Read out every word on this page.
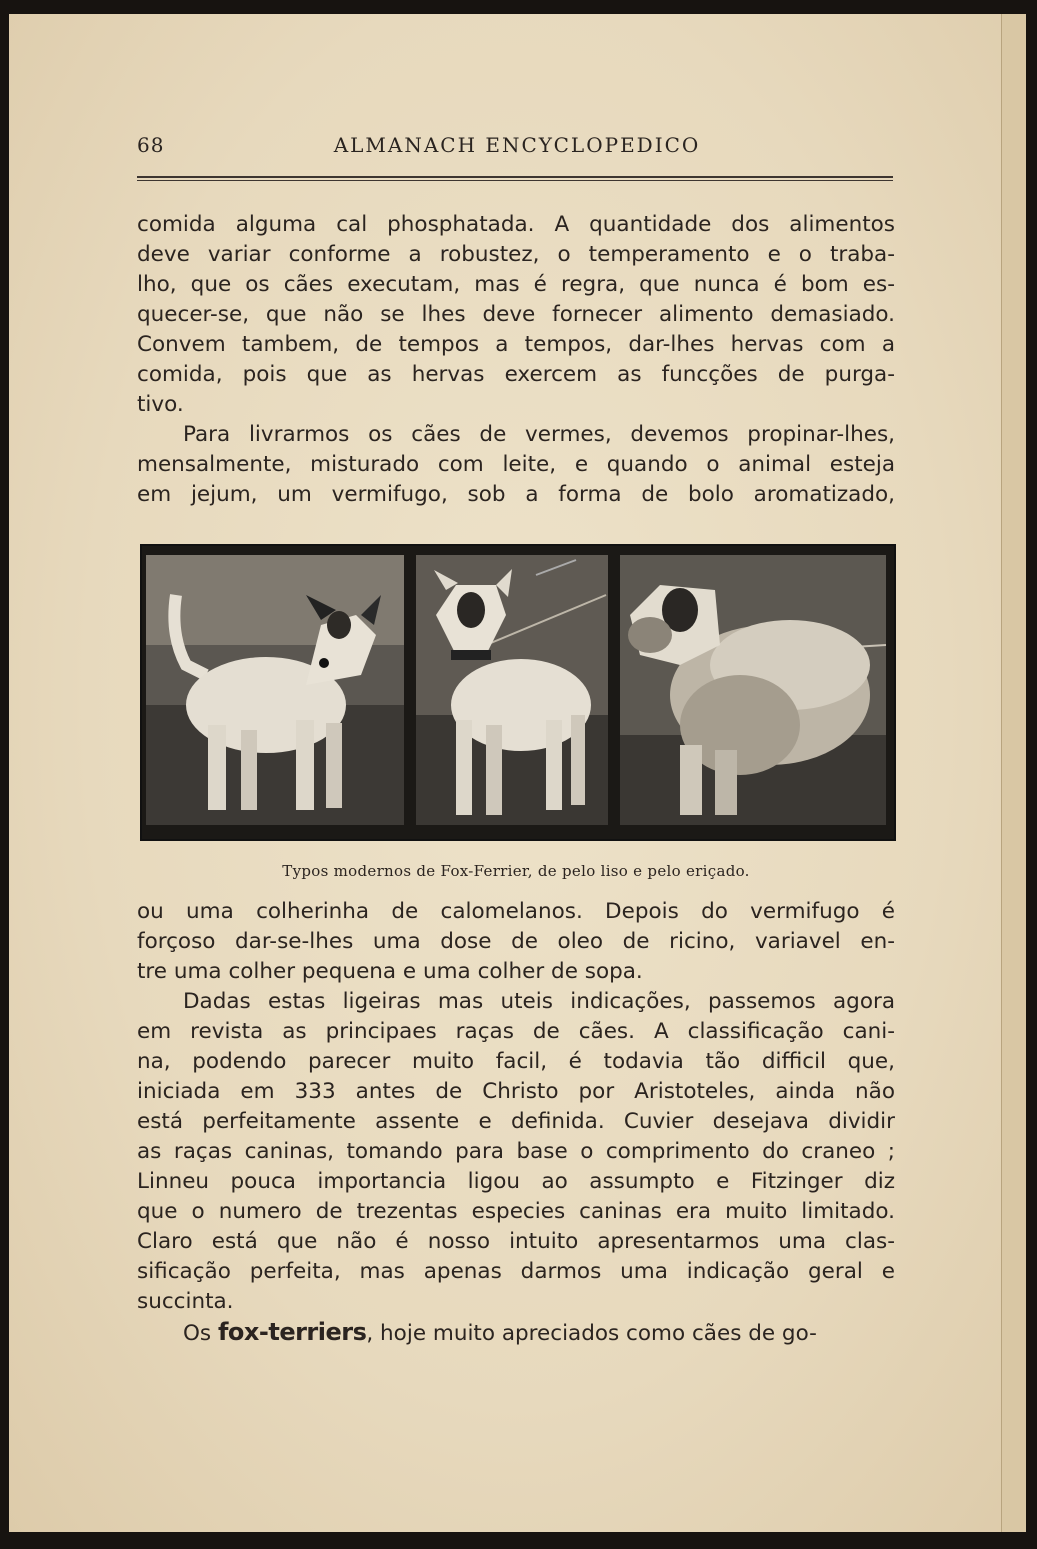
68	ALMANACH ENCYCLOPEDICO
comida alguma cal phosphatada. A quantidade dos alimentos
deve variar conforme a robustez, o temperamento e o traba-
lho, que os cães executam, mas é regra, que nunca é bom es-
quecer-se, que não se lhes deve fornecer alimento demasiado.
Convem tambem, de tempos a tempos, dar-lhes hervas com a
comida, pois que as hervas exercem as funcções de purga-
tivo.
Para livrarmos os cães de vermes, devemos propinar-lhes,
mensalmente, misturado com leite, e quando o animal esteja
em jejum, um vermifugo, sob a forma de bolo aromatizado,
Typos modernos de Fox-Ferrier, de pelo liso e pelo eriçado.
ou uma colherinha de calomelanos. Depois do vermifugo é
forçoso dar-se-lhes uma dose de oleo de ricino, variavel en-
tre uma colher pequena e uma colher de sopa.
Dadas estas ligeiras mas uteis indicações, passemos agora
em revista as principaes raças de cães. A classificação cani-
na, podendo parecer muito facil, é todavia tão difficil que,
iniciada em 333 antes de Christo por Aristoteles, ainda não
está perfeitamente assente e definida. Cuvier desejava dividir
as raças caninas, tomando para base o comprimento do craneo ;
Linneu pouca importancia ligou ao assumpto e Fitzinger diz
que o numero de trezentas especies caninas era muito limitado.
Claro está que não é nosso intuito apresentarmos uma clas-
sificação perfeita, mas apenas darmos uma indicação geral e
succinta.
Os fox-terriers, hoje muito apreciados como cães de go-
